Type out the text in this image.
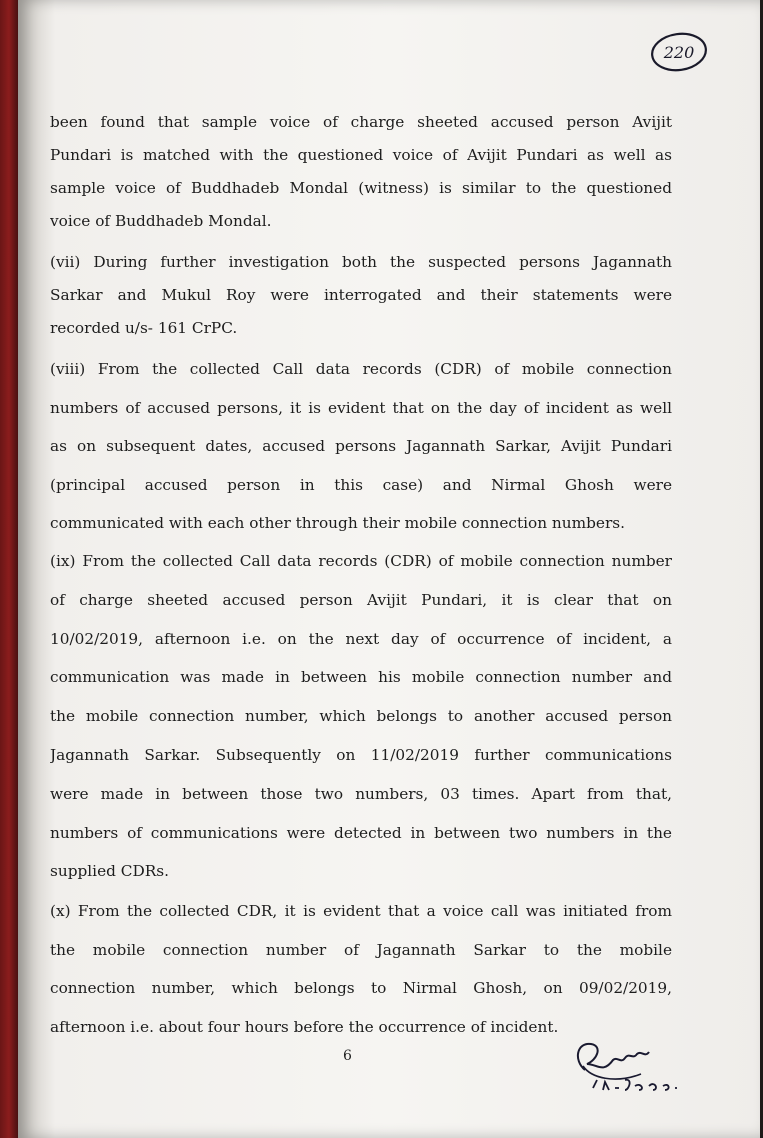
220
been found that sample voice of charge sheeted accused person Avijit
Pundari is matched with the questioned voice of Avijit Pundari as well as
sample voice of Buddhadeb Mondal (witness) is similar to the questioned
voice of Buddhadeb Mondal.
(vii) During further investigation both the suspected persons Jagannath
Sarkar and Mukul Roy were interrogated and their statements were
recorded u/s- 161 CrPC.
(viii) From the collected Call data records (CDR) of mobile connection
numbers of accused persons, it is evident that on the day of incident as well
as on subsequent dates, accused persons Jagannath Sarkar, Avijit Pundari
(principal accused person in this case) and Nirmal Ghosh were
communicated with each other through their mobile connection numbers.
(ix) From the collected Call data records (CDR) of mobile connection number
of charge sheeted accused person Avijit Pundari, it is clear that on
10/02/2019, afternoon i.e. on the next day of occurrence of incident, a
communication was made in between his mobile connection number and
the mobile connection number, which belongs to another accused person
Jagannath Sarkar. Subsequently on 11/02/2019 further communications
were made in between those two numbers, 03 times. Apart from that,
numbers of communications were detected in between two numbers in the
supplied CDRs.
(x) From the collected CDR, it is evident that a voice call was initiated from
the mobile connection number of Jagannath Sarkar to the mobile
connection number, which belongs to Nirmal Ghosh, on 09/02/2019,
afternoon i.e. about four hours before the occurrence of incident.
6
